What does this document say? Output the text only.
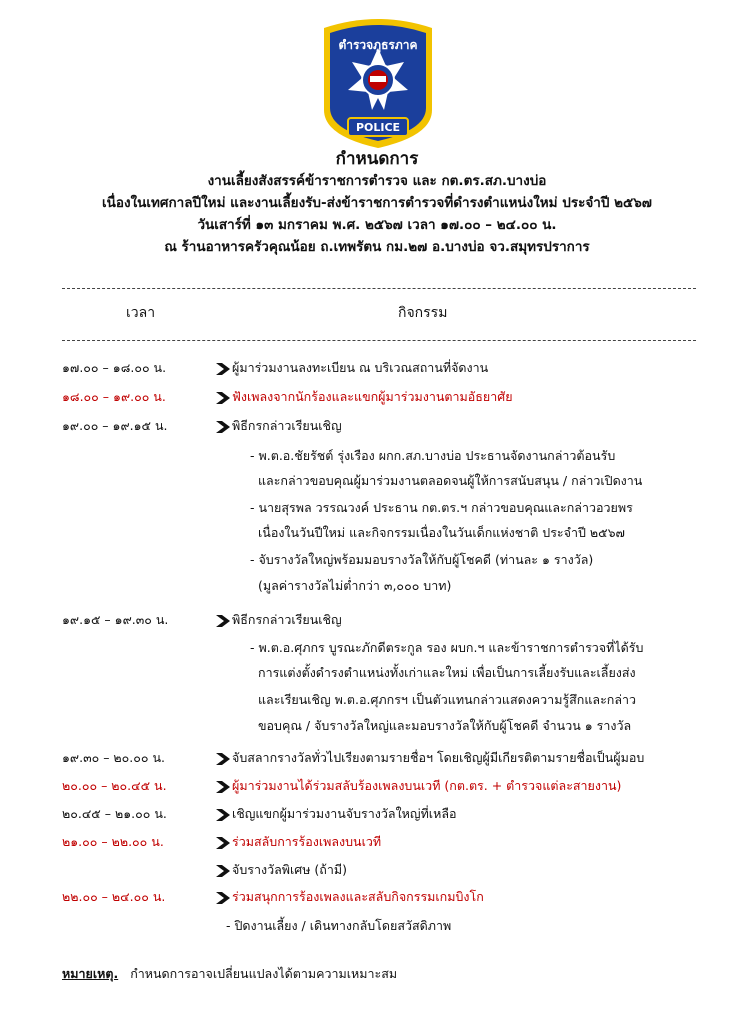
ตำรวจภูธรภาค
๑
POLICE
กำหนดการ
งานเลี้ยงสังสรรค์ข้าราชการตำรวจ และ กต.ตร.สภ.บางบ่อ
เนื่องในเทศกาลปีใหม่ และงานเลี้ยงรับ-ส่งข้าราชการตำรวจที่ดำรงตำแหน่งใหม่ ประจำปี ๒๕๖๗
วันเสาร์ที่ ๑๓ มกราคม พ.ศ. ๒๕๖๗ เวลา ๑๗.๐๐ – ๒๔.๐๐ น.
ณ ร้านอาหารครัวคุณน้อย ถ.เทพรัตน กม.๒๗ อ.บางบ่อ จว.สมุทรปราการ
เวลา	กิจกรรม
๑๗.๐๐ – ๑๘.๐๐ น.	ผู้มาร่วมงานลงทะเบียน ณ บริเวณสถานที่จัดงาน
๑๘.๐๐ – ๑๙.๐๐ น.	ฟังเพลงจากนักร้องและแขกผู้มาร่วมงานตามอัธยาศัย
๑๙.๐๐ – ๑๙.๑๕ น.	พิธีกรกล่าวเรียนเชิญ
- พ.ต.อ.ชัยรัชต์ รุ่งเรือง ผกก.สภ.บางบ่อ ประธานจัดงานกล่าวต้อนรับ
และกล่าวขอบคุณผู้มาร่วมงานตลอดจนผู้ให้การสนับสนุน / กล่าวเปิดงาน
- นายสุรพล วรรณวงค์ ประธาน กต.ตร.ฯ กล่าวขอบคุณและกล่าวอวยพร
เนื่องในวันปีใหม่ และกิจกรรมเนื่องในวันเด็กแห่งชาติ ประจำปี ๒๕๖๗
- จับรางวัลใหญ่พร้อมมอบรางวัลให้กับผู้โชคดี (ท่านละ ๑ รางวัล)
(มูลค่ารางวัลไม่ต่ำกว่า ๓,๐๐๐ บาท)
๑๙.๑๕ – ๑๙.๓๐ น.	พิธีกรกล่าวเรียนเชิญ
- พ.ต.อ.ศุภกร บูรณะภักดีตระกูล รอง ผบก.ฯ และข้าราชการตำรวจที่ได้รับ
การแต่งตั้งดำรงตำแหน่งทั้งเก่าและใหม่ เพื่อเป็นการเลี้ยงรับและเลี้ยงส่ง
และเรียนเชิญ พ.ต.อ.ศุภกรฯ เป็นตัวแทนกล่าวแสดงความรู้สึกและกล่าว
ขอบคุณ / จับรางวัลใหญ่และมอบรางวัลให้กับผู้โชคดี จำนวน ๑ รางวัล
๑๙.๓๐ – ๒๐.๐๐ น.	จับสลากรางวัลทั่วไปเรียงตามรายชื่อฯ โดยเชิญผู้มีเกียรติตามรายชื่อเป็นผู้มอบ
๒๐.๐๐ – ๒๐.๔๕ น.	ผู้มาร่วมงานได้ร่วมสลับร้องเพลงบนเวที (กต.ตร. + ตำรวจแต่ละสายงาน)
๒๐.๔๕ – ๒๑.๐๐ น.	เชิญแขกผู้มาร่วมงานจับรางวัลใหญ่ที่เหลือ
๒๑.๐๐ – ๒๒.๐๐ น.	ร่วมสลับการร้องเพลงบนเวที
จับรางวัลพิเศษ (ถ้ามี)
๒๒.๐๐ – ๒๔.๐๐ น.	ร่วมสนุกการร้องเพลงและสลับกิจกรรมเกมบิงโก
- ปิดงานเลี้ยง / เดินทางกลับโดยสวัสดิภาพ
หมายเหตุ. กำหนดการอาจเปลี่ยนแปลงได้ตามความเหมาะสม
